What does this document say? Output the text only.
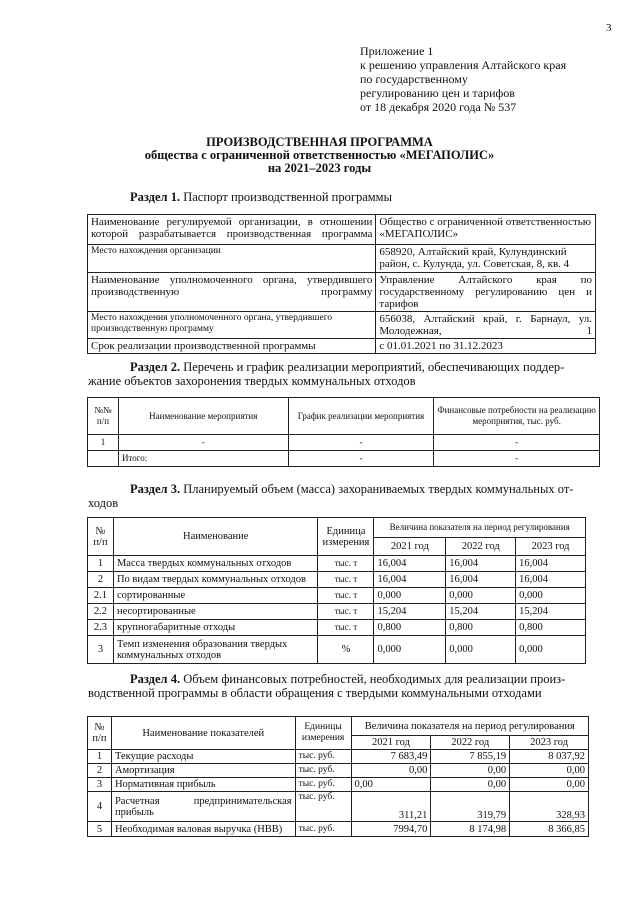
3
Приложение 1
к решению управления Алтайского края
по государственному
регулированию цен и тарифов
от 18 декабря 2020 года № 537
ПРОИЗВОДСТВЕННАЯ ПРОГРАММА
общества с ограниченной ответственностью «МЕГАПОЛИС»
на 2021–2023 годы
Раздел 1. Паспорт производственной программы
Наименование регулируемой организации, в отношении которой разрабатывается производственная программа	Общество с ограниченной ответственностью «МЕГАПОЛИС»
Место нахождения организации	658920, Алтайский край, Кулундинский район, с. Кулунда, ул. Советская, 8, кв. 4
Наименование уполномоченного органа, утвердившего производственную программу	Управление Алтайского края по государственному регулированию цен и тарифов
Место нахождения уполномоченного органа, утвердившего производственную программу	656038, Алтайский край, г. Барнаул, ул. Молодежная, 1
Срок реализации производственной программы	с 01.01.2021 по 31.12.2023
Раздел 2. Перечень и график реализации мероприятий, обеспечивающих поддер-
жание объектов захоронения твердых коммунальных отходов
№№ п/п	Наименование мероприятия	График реализации мероприятия	Финансовые потребности на реализацию мероприятия, тыс. руб.
1	-	-	-
	Итого:	-	-
Раздел 3. Планируемый объем (масса) захораниваемых твердых коммунальных от-
ходов
№ п/п	Наименование	Единица измерения	Величина показателя на период регулирования		
			2021 год	2022 год	2023 год
1	Масса твердых коммунальных отходов	тыс. т	16,004	16,004	16,004
2	По видам твердых коммунальных отходов	тыс. т	16,004	16,004	16,004
2.1	сортированные	тыс. т	0,000	0,000	0,000
2.2	несортированные	тыс. т	15,204	15,204	15,204
2.3	крупногабаритные отходы	тыс. т	0,800	0,800	0,800
3	Темп изменения образования твердых коммунальных отходов	%	0,000	0,000	0,000
Раздел 4. Объем финансовых потребностей, необходимых для реализации произ-
водственной программы в области обращения с твердыми коммунальными отходами
№ п/п	Наименование показателей	Единицы измерения	Величина показателя на период регулирования		
			2021 год	2022 год	2023 год
1	Текущие расходы	тыс. руб.	7 683,49	7 855,19	8 037,92
2	Амортизация	тыс. руб.	0,00	0,00	0,00
3	Нормативная прибыль	тыс. руб.	0,00	0,00	0,00
4	Расчетная предпринимательская прибыль	тыс. руб.	311,21	319,79	328,93
5	Необходимая валовая выручка (НВВ)	тыс. руб.	7994,70	8 174,98	8 366,85
